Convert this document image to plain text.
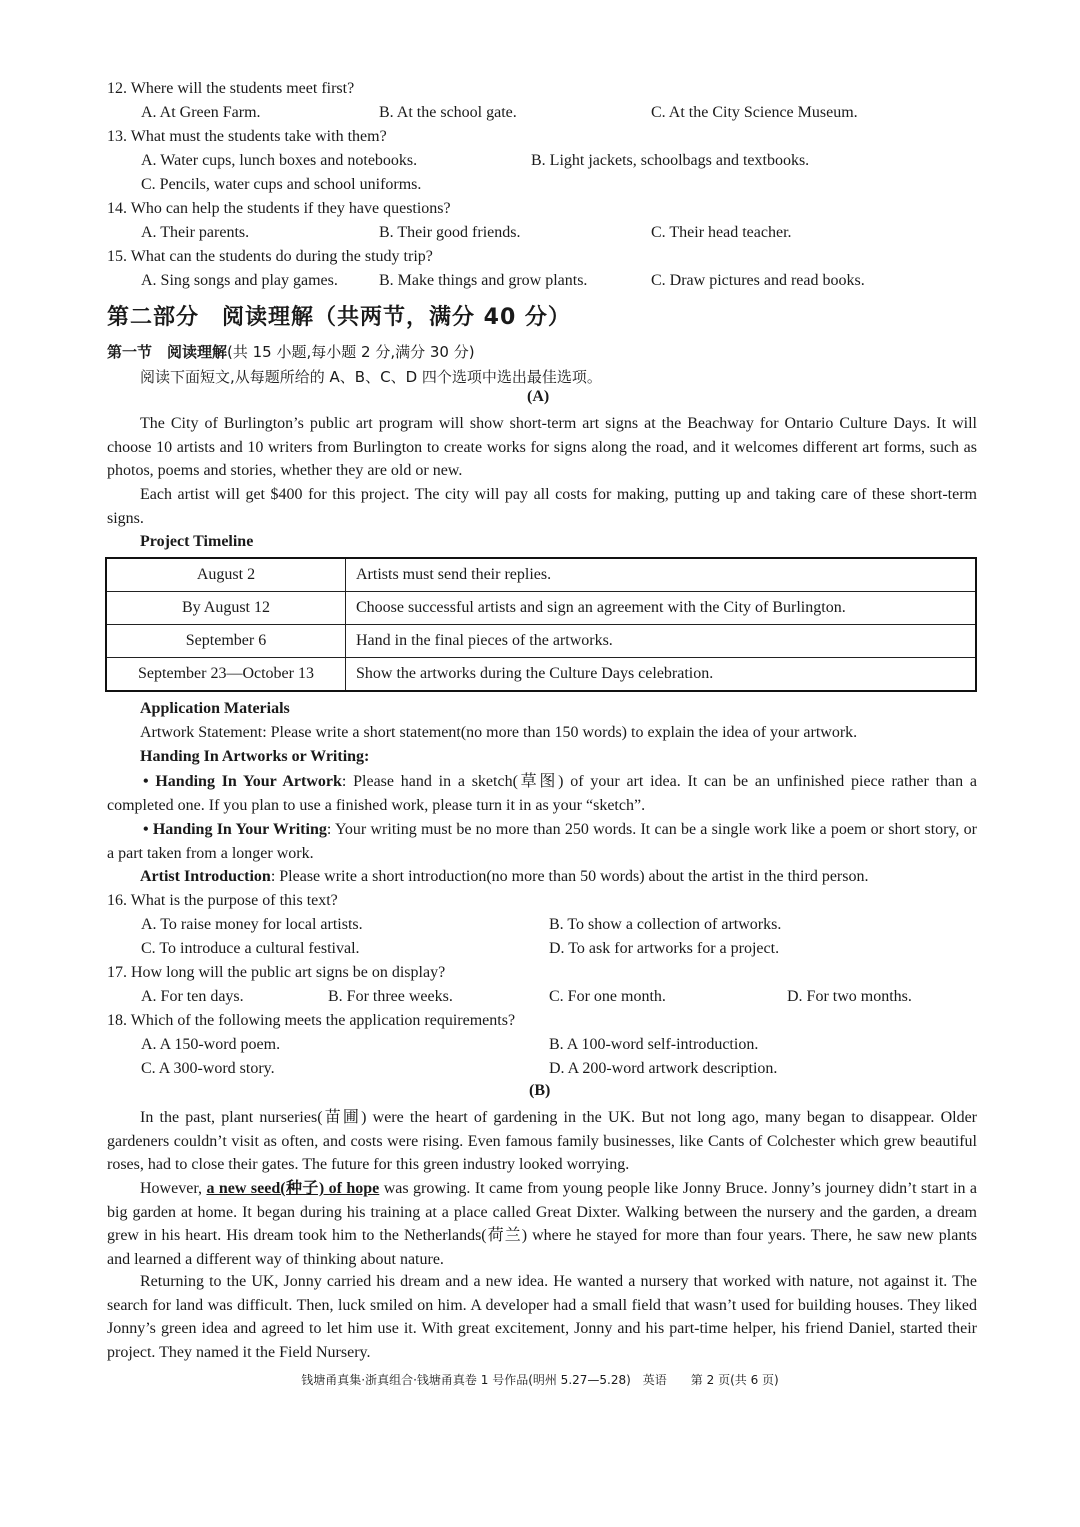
12. Where will the students meet first?
A. At Green Farm.	B. At the school gate.	C. At the City Science Museum.
13. What must the students take with them?
A. Water cups, lunch boxes and notebooks.	B. Light jackets, schoolbags and textbooks.
C. Pencils, water cups and school uniforms.
14. Who can help the students if they have questions?
A. Their parents.	B. Their good friends.	C. Their head teacher.
15. What can the students do during the study trip?
A. Sing songs and play games.	B. Make things and grow plants.	C. Draw pictures and read books.
第二部分　阅读理解（共两节，满分 40 分）
第一节　阅读理解(共 15 小题,每小题 2 分,满分 30 分)
阅读下面短文,从每题所给的 A、B、C、D 四个选项中选出最佳选项。
(A)
The City of Burlington’s public art program will show short-term art signs at the Beachway for Ontario Culture Days. It will choose 10 artists and 10 writers from Burlington to create works for signs along the road, and it welcomes different art forms, such as photos, poems and stories, whether they are old or new.
Each artist will get $400 for this project. The city will pay all costs for making, putting up and taking care of these short-term signs.
Project Timeline
August 2	Artists must send their replies.
By August 12	Choose successful artists and sign an agreement with the City of Burlington.
September 6	Hand in the final pieces of the artworks.
September 23—October 13	Show the artworks during the Culture Days celebration.
Application Materials
Artwork Statement: Please write a short statement(no more than 150 words) to explain the idea of your artwork.
Handing In Artworks or Writing:
• Handing In Your Artwork: Please hand in a sketch(草图) of your art idea. It can be an unfinished piece rather than a completed one. If you plan to use a finished work, please turn it in as your “sketch”.
• Handing In Your Writing: Your writing must be no more than 250 words. It can be a single work like a poem or short story, or a part taken from a longer work.
Artist Introduction: Please write a short introduction(no more than 50 words) about the artist in the third person.
16. What is the purpose of this text?
A. To raise money for local artists.	B. To show a collection of artworks.
C. To introduce a cultural festival.	D. To ask for artworks for a project.
17. How long will the public art signs be on display?
A. For ten days.	B. For three weeks.	C. For one month.	D. For two months.
18. Which of the following meets the application requirements?
A. A 150-word poem.	B. A 100-word self-introduction.
C. A 300-word story.	D. A 200-word artwork description.
(B)
In the past, plant nurseries(苗圃) were the heart of gardening in the UK. But not long ago, many began to disappear. Older gardeners couldn’t visit as often, and costs were rising. Even famous family businesses, like Cants of Colchester which grew beautiful roses, had to close their gates. The future for this green industry looked worrying.
However, a new seed(种子) of hope was growing. It came from young people like Jonny Bruce. Jonny’s journey didn’t start in a big garden at home. It began during his training at a place called Great Dixter. Walking between the nursery and the garden, a dream grew in his heart. His dream took him to the Netherlands(荷兰) where he stayed for more than four years. There, he saw new plants and learned a different way of thinking about nature.
Returning to the UK, Jonny carried his dream and a new idea. He wanted a nursery that worked with nature, not against it. The search for land was difficult. Then, luck smiled on him. A developer had a small field that wasn’t used for building houses. They liked Jonny’s green idea and agreed to let him use it. With great excitement, Jonny and his part-time helper, his friend Daniel, started their project. They named it the Field Nursery.
钱塘甬真集·浙真组合·钱塘甬真卷 1 号作品(明州 5.27—5.28)　英语　　第 2 页(共 6 页)
